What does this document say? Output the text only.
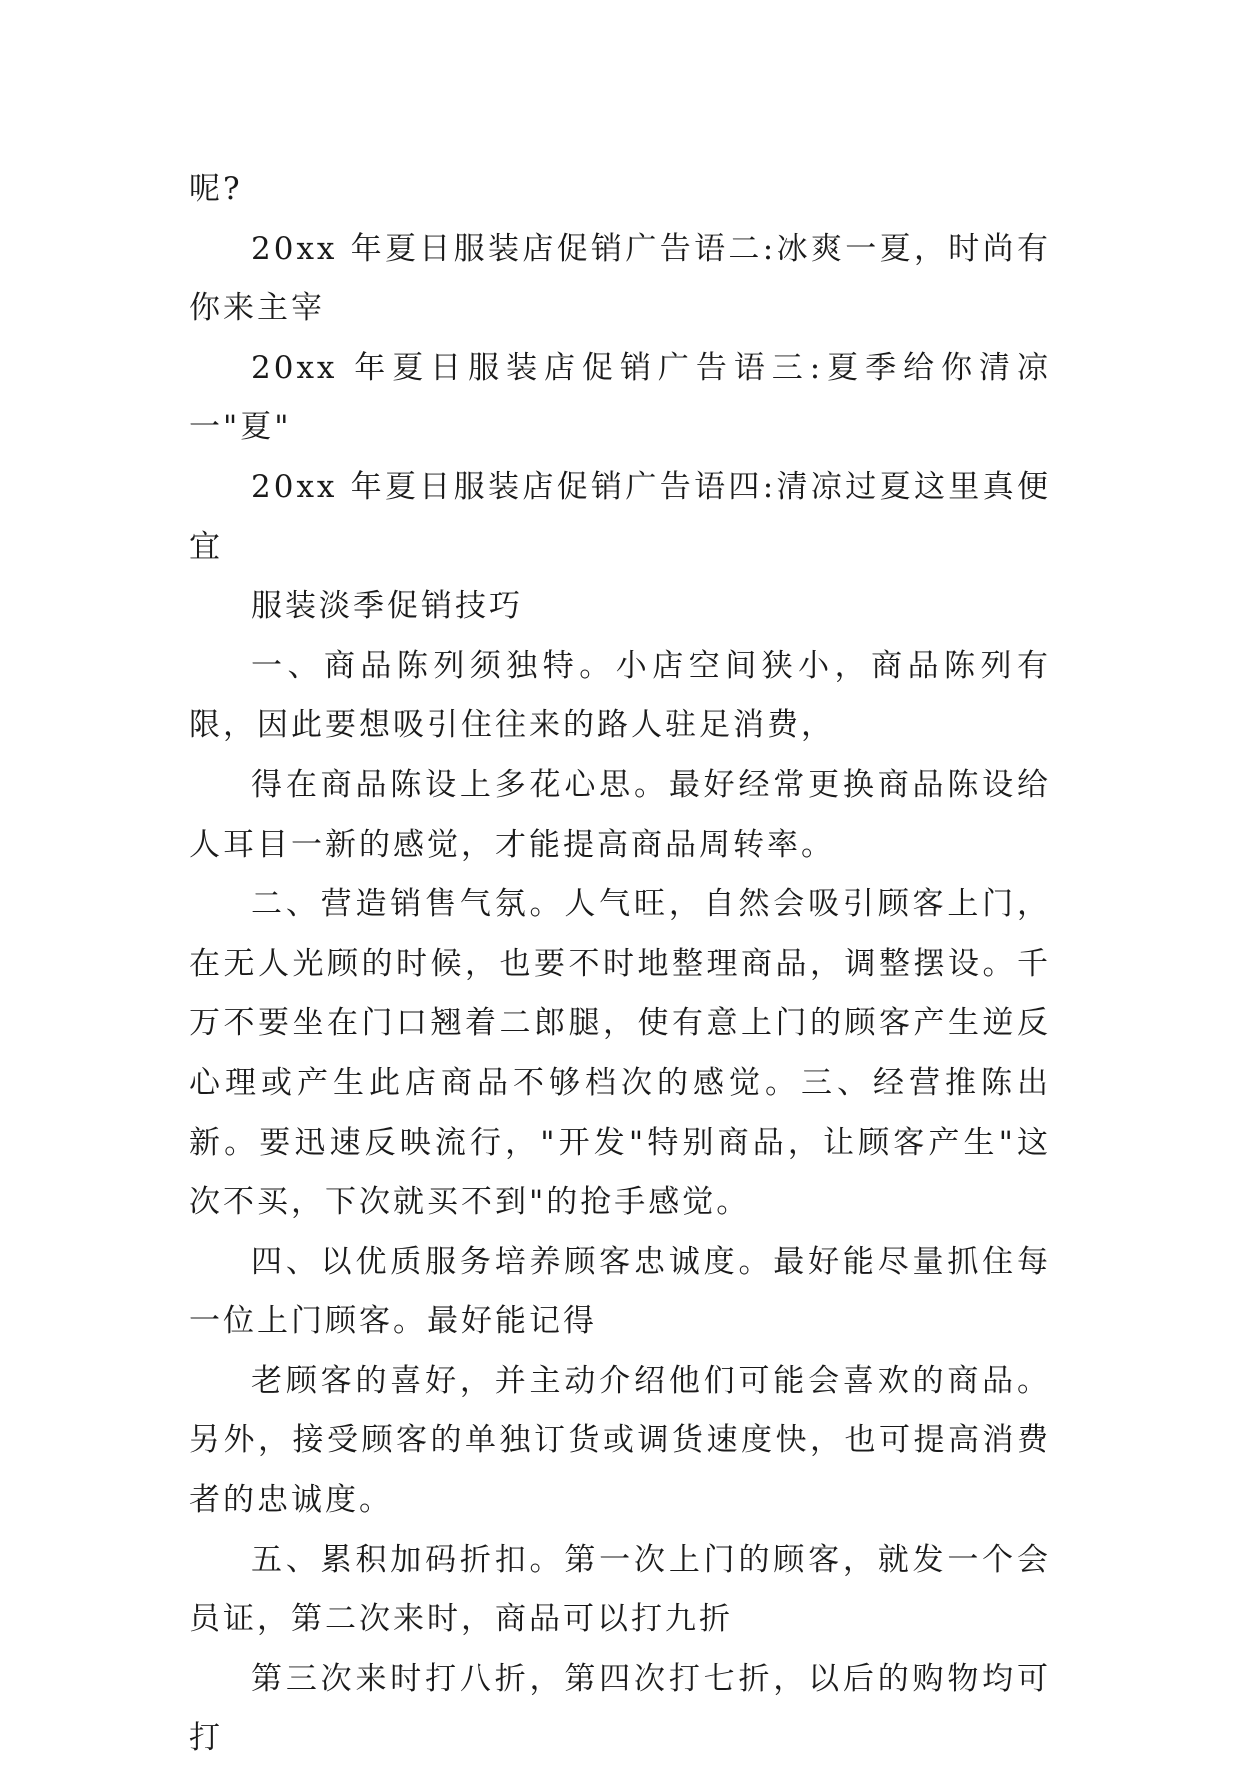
呢?

20xx 年夏日服装店促销广告语二:冰爽一夏，时尚有你来主宰

20xx 年夏日服装店促销广告语三:夏季给你清凉一"夏"

20xx 年夏日服装店促销广告语四:清凉过夏这里真便宜

服装淡季促销技巧

一、商品陈列须独特。小店空间狭小，商品陈列有限，因此要想吸引住往来的路人驻足消费，

得在商品陈设上多花心思。最好经常更换商品陈设给人耳目一新的感觉，才能提高商品周转率。

二、营造销售气氛。人气旺，自然会吸引顾客上门，在无人光顾的时候，也要不时地整理商品，调整摆设。千万不要坐在门口翘着二郎腿，使有意上门的顾客产生逆反心理或产生此店商品不够档次的感觉。三、经营推陈出新。要迅速反映流行，"开发"特别商品，让顾客产生"这次不买，下次就买不到"的抢手感觉。

四、以优质服务培养顾客忠诚度。最好能尽量抓住每一位上门顾客。最好能记得

老顾客的喜好，并主动介绍他们可能会喜欢的商品。另外，接受顾客的单独订货或调货速度快，也可提高消费者的忠诚度。

五、累积加码折扣。第一次上门的顾客，就发一个会员证，第二次来时，商品可以打九折

第三次来时打八折，第四次打七折，以后的购物均可打
